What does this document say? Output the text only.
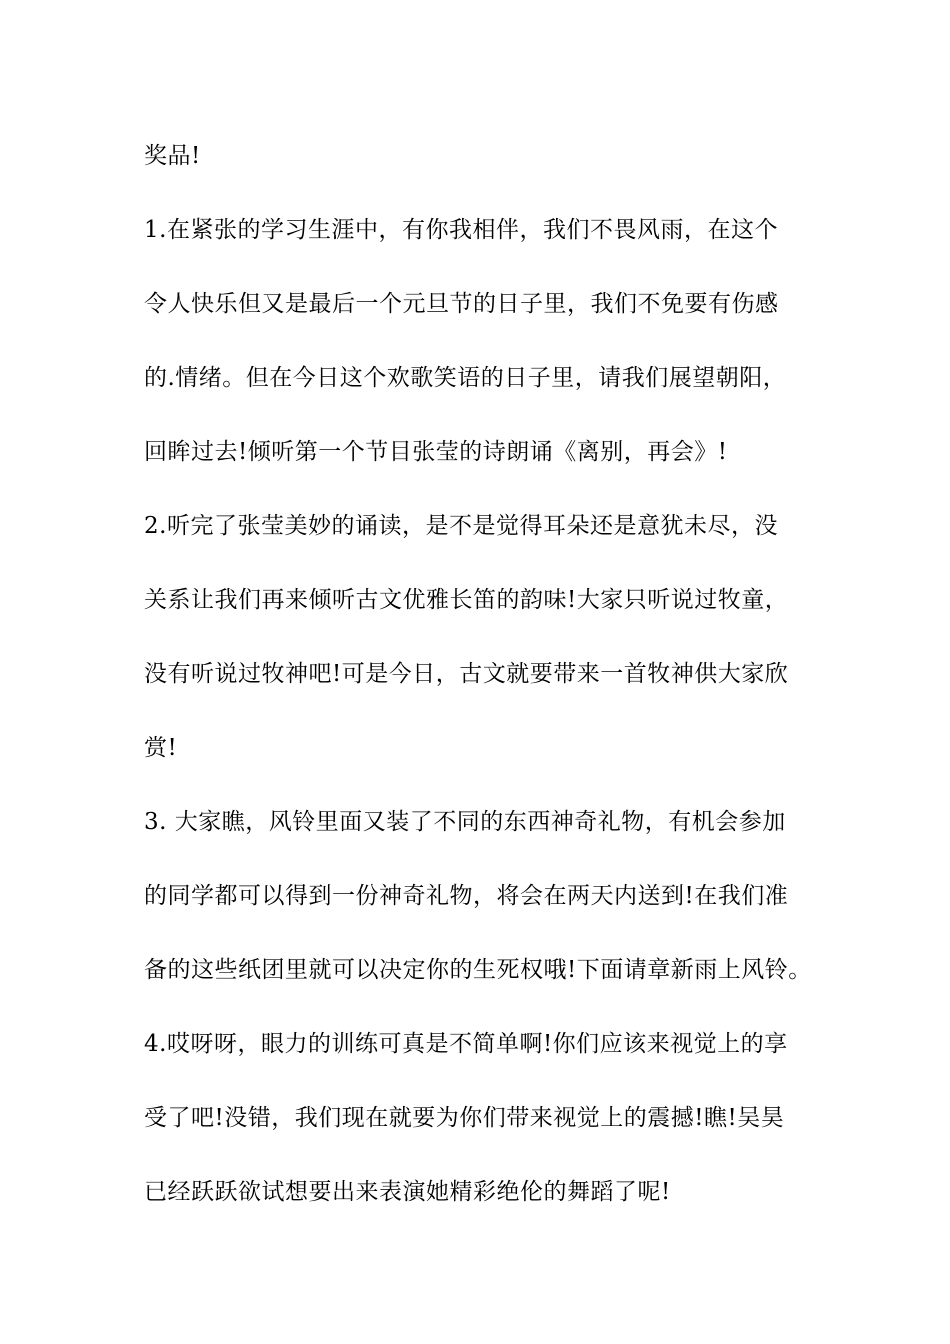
奖品!
1.在紧张的学习生涯中，有你我相伴，我们不畏风雨，在这个
令人快乐但又是最后一个元旦节的日子里，我们不免要有伤感
的.情绪。但在今日这个欢歌笑语的日子里，请我们展望朝阳，
回眸过去!倾听第一个节目张莹的诗朗诵《离别，再会》!
2.听完了张莹美妙的诵读，是不是觉得耳朵还是意犹未尽，没
关系让我们再来倾听古文优雅长笛的韵味!大家只听说过牧童，
没有听说过牧神吧!可是今日，古文就要带来一首牧神供大家欣
赏!
3. 大家瞧，风铃里面又装了不同的东西神奇礼物，有机会参加
的同学都可以得到一份神奇礼物，将会在两天内送到!在我们准
备的这些纸团里就可以决定你的生死权哦!下面请章新雨上风铃。
4.哎呀呀，眼力的训练可真是不简单啊!你们应该来视觉上的享
受了吧!没错，我们现在就要为你们带来视觉上的震撼!瞧!吴昊
已经跃跃欲试想要出来表演她精彩绝伦的舞蹈了呢!
